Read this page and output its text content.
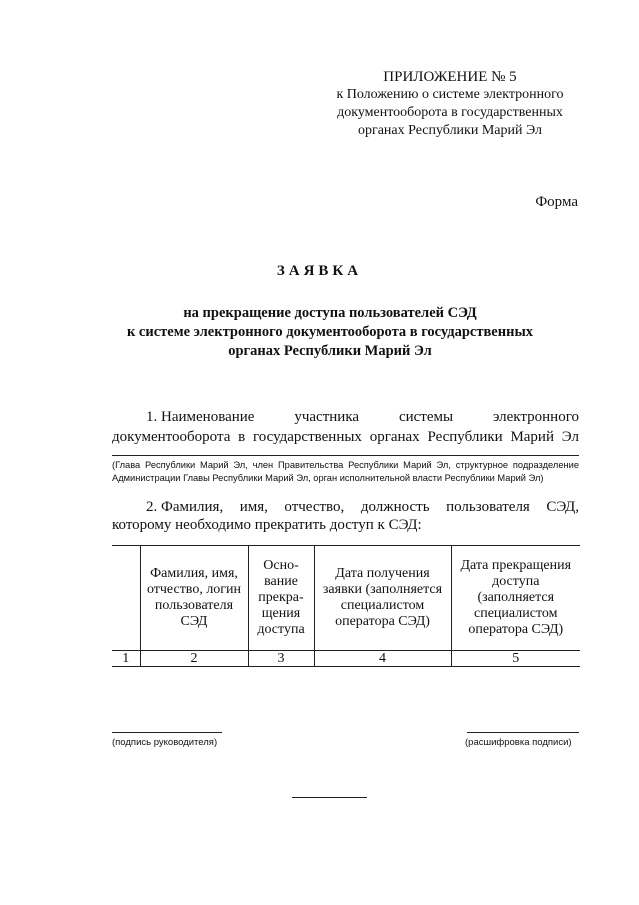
ПРИЛОЖЕНИЕ № 5
к Положению о системе электронного
документооборота в государственных
органах Республики Марий Эл
Форма
ЗАЯВКА
на прекращение доступа пользователей СЭД
к системе электронного документооборота в государственных
органах Республики Марий Эл
1. Наименование	участника	системы	электронного
документооборота в государственных органах Республики Марий Эл
(Глава Республики Марий Эл, член Правительства Республики Марий Эл, структурное подразделение Администрации Главы Республики Марий Эл, орган исполнительной власти Республики Марий Эл)
2. Фамилия, имя, отчество, должность пользователя СЭД,
которому необходимо прекратить доступ к СЭД:
	Фамилия, имя, отчество, логин пользователя СЭД	Осно-вание прекра-щения доступа	Дата получения заявки (заполняется специалистом оператора СЭД)	Дата прекращения доступа (заполняется специалистом оператора СЭД)
1	2	3	4	5
(подпись руководителя)	(расшифровка подписи)
